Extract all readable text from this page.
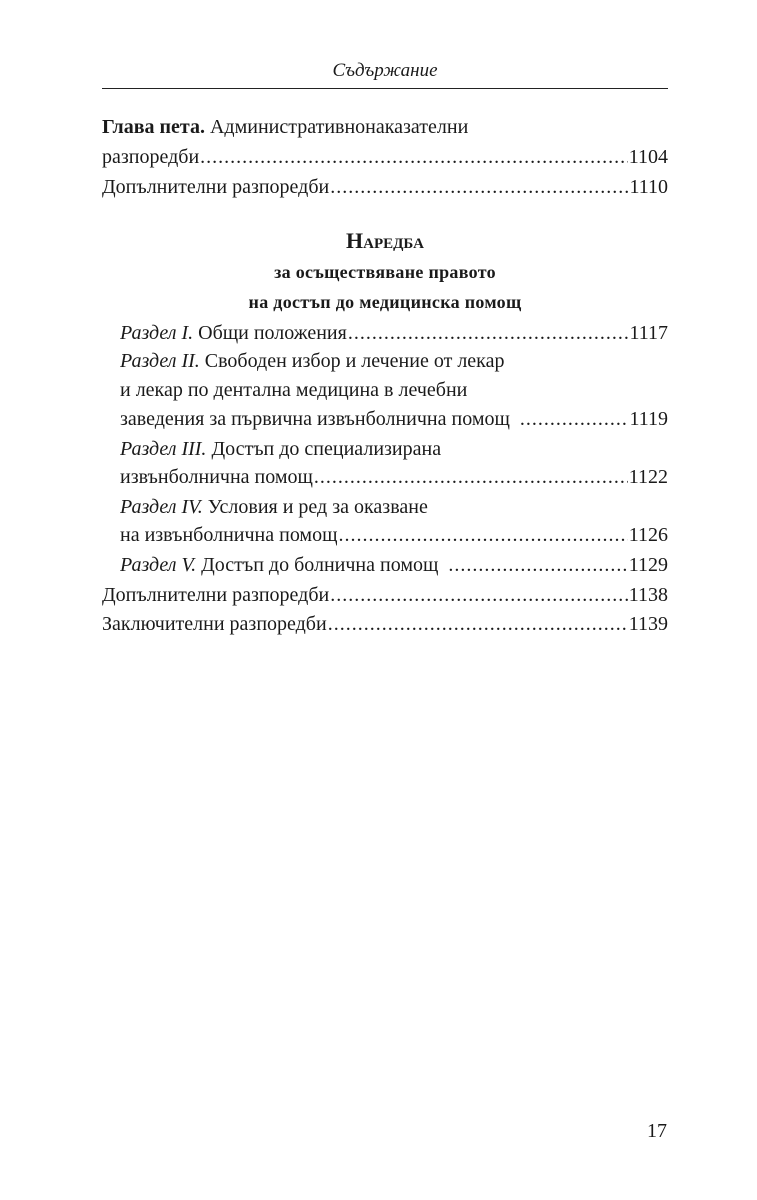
Съдържание
Глава пета. Административнонаказателни
разпоредби .....	1104
Допълнителни разпоредби .....	1110
Наредба
за осъществяване правото
на достъп до медицинска помощ
Раздел I. Общи положения .....	1117
Раздел II. Свободен избор и лечение от лекар
и лекар по дентална медицина в лечебни
заведения за първична извънболнична помощ .....	1119
Раздел III. Достъп до специализирана
извънболнична помощ .....	1122
Раздел IV. Условия и ред за оказване
на извънболнична помощ .....	1126
Раздел V. Достъп до болнична помощ .....	1129
Допълнителни разпоредби .....	1138
Заключителни разпоредби .....	1139
17
